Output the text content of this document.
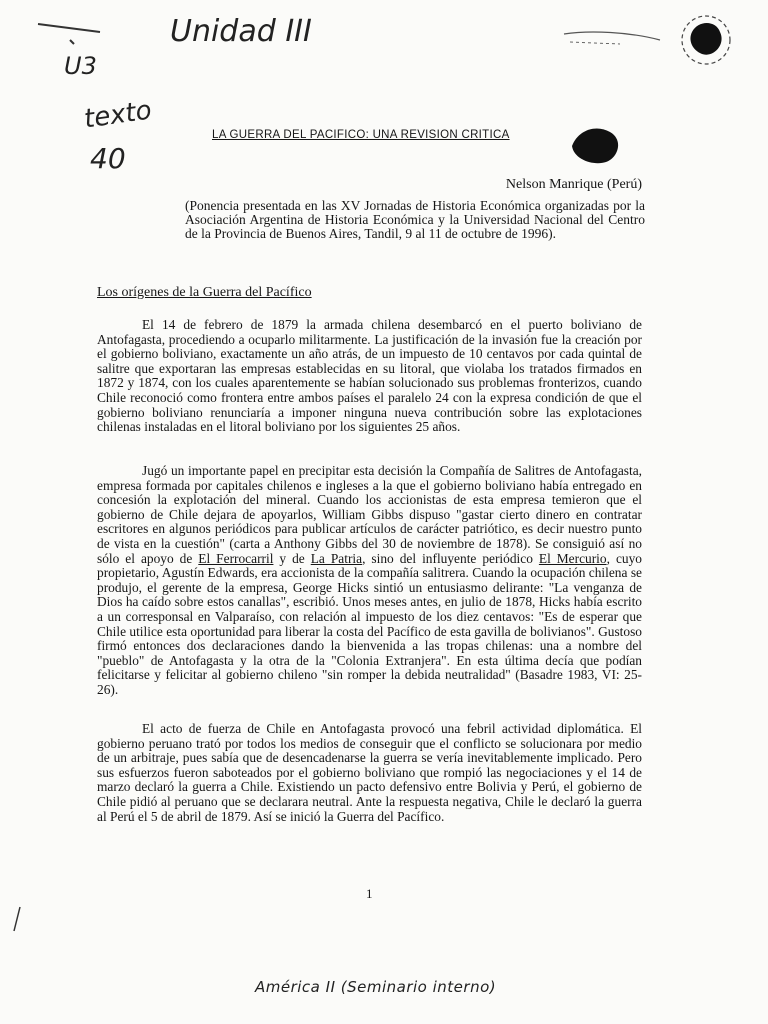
Unidad III
U3
texto
40
América II (Seminario interno)
LA GUERRA DEL PACIFICO: UNA REVISION CRITICA
Nelson Manrique (Perú)
(Ponencia presentada en las XV Jornadas de Historia Económica organizadas por la Asociación Argentina de Historia Económica y la Universidad Nacional del Centro de la Provincia de Buenos Aires, Tandil, 9 al 11 de octubre de 1996).
Los orígenes de la Guerra del Pacífico

El 14 de febrero de 1879 la armada chilena desembarcó en el puerto boliviano de Antofagasta, procediendo a ocuparlo militarmente. La justificación de la invasión fue la creación por el gobierno boliviano, exactamente un año atrás, de un impuesto de 10 centavos por cada quintal de salitre que exportaran las empresas establecidas en su litoral, que violaba los tratados firmados en 1872 y 1874, con los cuales aparentemente se habían solucionado sus problemas fronterizos, cuando Chile reconoció como frontera entre ambos países el paralelo 24 con la expresa condición de que el gobierno boliviano renunciaría a imponer ninguna nueva contribución sobre las explotaciones chilenas instaladas en el litoral boliviano por los siguientes 25 años.

Jugó un importante papel en precipitar esta decisión la Compañía de Salitres de Antofagasta, empresa formada por capitales chilenos e ingleses a la que el gobierno boliviano había entregado en concesión la explotación del mineral. Cuando los accionistas de esta empresa temieron que el gobierno de Chile dejara de apoyarlos, William Gibbs dispuso "gastar cierto dinero en contratar escritores en algunos periódicos para publicar artículos de carácter patriótico, es decir nuestro punto de vista en la cuestión" (carta a Anthony Gibbs del 30 de noviembre de 1878). Se consiguió así no sólo el apoyo de El Ferrocarril y de La Patria, sino del influyente periódico El Mercurio, cuyo propietario, Agustín Edwards, era accionista de la compañía salitrera. Cuando la ocupación chilena se produjo, el gerente de la empresa, George Hicks sintió un entusiasmo delirante: "La venganza de Dios ha caído sobre estos canallas", escribió. Unos meses antes, en julio de 1878, Hicks había escrito a un corresponsal en Valparaíso, con relación al impuesto de los diez centavos: "Es de esperar que Chile utilice esta oportunidad para liberar la costa del Pacífico de esta gavilla de bolivianos". Gustoso firmó entonces dos declaraciones dando la bienvenida a las tropas chilenas: una a nombre del "pueblo" de Antofagasta y la otra de la "Colonia Extranjera". En esta última decía que podían felicitarse y felicitar al gobierno chileno "sin romper la debida neutralidad" (Basadre 1983, VI: 25-26).

El acto de fuerza de Chile en Antofagasta provocó una febril actividad diplomática. El gobierno peruano trató por todos los medios de conseguir que el conflicto se solucionara por medio de un arbitraje, pues sabía que de desencadenarse la guerra se vería inevitablemente implicado. Pero sus esfuerzos fueron saboteados por el gobierno boliviano que rompió las negociaciones y el 14 de marzo declaró la guerra a Chile. Existiendo un pacto defensivo entre Bolivia y Perú, el gobierno de Chile pidió al peruano que se declarara neutral. Ante la respuesta negativa, Chile le declaró la guerra al Perú el 5 de abril de 1879. Así se inició la Guerra del Pacífico.

1
